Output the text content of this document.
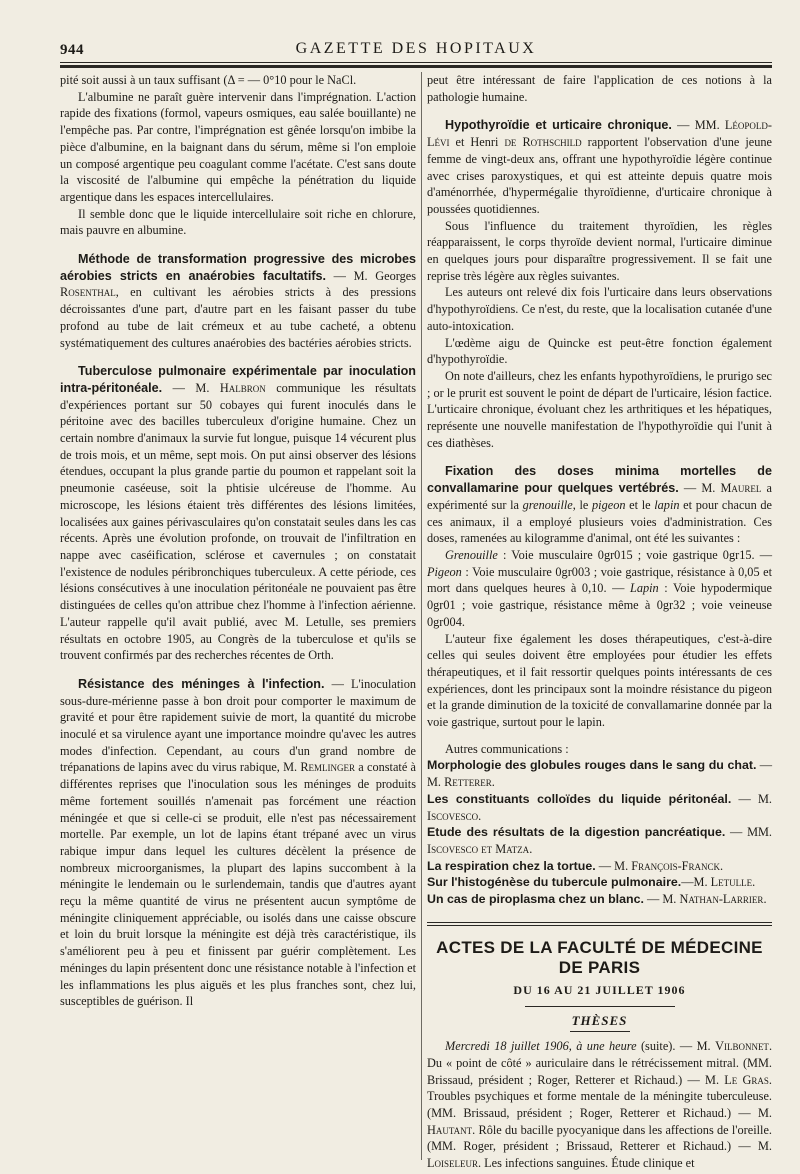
944	GAZETTE DES HOPITAUX

pité soit aussi à un taux suffisant (Δ = — 0°10 pour le NaCl.

L'albumine ne paraît guère intervenir dans l'imprégnation. L'action rapide des fixations (formol, vapeurs osmiques, eau salée bouillante) ne l'empêche pas. Par contre, l'imprégnation est gênée lorsqu'on imbibe la pièce d'albumine, en la baignant dans du sérum, même si l'on emploie un composé argentique peu coagulant comme l'acétate. C'est sans doute la viscosité de l'albumine qui empêche la pénétration du liquide argentique dans les espaces intercellulaires.

Il semble donc que le liquide intercellulaire soit riche en chlorure, mais pauvre en albumine.

Méthode de transformation progressive des microbes aérobies stricts en anaérobies facultatifs. — M. Georges Rosenthal, en cultivant les aérobies stricts à des pressions décroissantes d'une part, d'autre part en les faisant passer du tube profond au tube de lait crémeux et au tube cacheté, a obtenu systématiquement des cultures anaérobies des bactéries aérobies stricts.

Tuberculose pulmonaire expérimentale par inoculation intra-péritonéale. — M. Halbron communique les résultats d'expériences portant sur 50 cobayes qui furent inoculés dans le péritoine avec des bacilles tuberculeux d'origine humaine. Chez un certain nombre d'animaux la survie fut longue, puisque 14 vécurent plus de trois mois, et un même, sept mois. On put ainsi observer des lésions étendues, occupant la plus grande partie du poumon et rappelant soit la pneumonie caséeuse, soit la phtisie ulcéreuse de l'homme. Au microscope, les lésions étaient très différentes des lésions limitées, localisées aux gaines périvasculaires qu'on constatait seules dans les cas récents. Après une évolution profonde, on trouvait de l'infiltration en nappe avec caséification, sclérose et cavernules ; on constatait l'existence de nodules péribronchiques tuberculeux. A cette période, ces lésions consécutives à une inoculation péritonéale ne pouvaient pas être distinguées de celles qu'on attribue chez l'homme à l'infection aérienne. L'auteur rappelle qu'il avait publié, avec M. Letulle, ses premiers résultats en octobre 1905, au Congrès de la tuberculose et qu'ils se trouvent confirmés par des recherches récentes de Orth.

Résistance des méninges à l'infection. — L'inoculation sous-dure-mérienne passe à bon droit pour comporter le maximum de gravité et pour être rapidement suivie de mort, la quantité du microbe inoculé et sa virulence ayant une importance moindre qu'avec les autres modes d'infection. Cependant, au cours d'un grand nombre de trépanations de lapins avec du virus rabique, M. Remlinger a constaté à différentes reprises que l'inoculation sous les méninges de produits même fortement souillés n'amenait pas forcément une réaction méningée et que si celle-ci se produit, elle n'est pas nécessairement mortelle. Par exemple, un lot de lapins étant trépané avec un virus rabique impur dans lequel les cultures décèlent la présence de nombreux microorganismes, la plupart des lapins succombent à la méningite le lendemain ou le surlendemain, tandis que d'autres ayant reçu la même quantité de virus ne présentent aucun symptôme de méningite cliniquement appréciable, ou isolés dans une caisse obscure et loin du bruit lorsque la méningite est déjà très caractéristique, ils s'améliorent peu à peu et finissent par guérir complètement. Les méninges du lapin présentent donc une résistance notable à l'infection et les inflammations les plus aiguës et les plus franches sont, chez lui, susceptibles de guérison. Il

peut être intéressant de faire l'application de ces notions à la pathologie humaine.

Hypothyroïdie et urticaire chronique. — MM. Léopold-Lévi et Henri de Rothschild rapportent l'observation d'une jeune femme de vingt-deux ans, offrant une hypothyroïdie légère continue avec crises paroxystiques, et qui est atteinte depuis quatre mois d'aménorrhée, d'hypermégalie thyroïdienne, d'urticaire chronique à poussées quotidiennes.

Sous l'influence du traitement thyroïdien, les règles réapparaissent, le corps thyroïde devient normal, l'urticaire diminue en quelques jours pour disparaître progressivement. Il se fait une reprise très légère aux règles suivantes.

Les auteurs ont relevé dix fois l'urticaire dans leurs observations d'hypothyroïdiens. Ce n'est, du reste, que la localisation cutanée d'une auto-intoxication.

L'œdème aigu de Quincke est peut-être fonction également d'hypothyroïdie.

On note d'ailleurs, chez les enfants hypothyroïdiens, le prurigo sec ; or le prurit est souvent le point de départ de l'urticaire, lésion factice. L'urticaire chronique, évoluant chez les arthritiques et les hépatiques, représente une nouvelle manifestation de l'hypothyroïdie qui l'unit à ces diathèses.

Fixation des doses minima mortelles de convallamarine pour quelques vertébrés. — M. Maurel a expérimenté sur la grenouille, le pigeon et le lapin et pour chacun de ces animaux, il a employé plusieurs voies d'administration. Ces doses, ramenées au kilogramme d'animal, ont été les suivantes :

Grenouille : Voie musculaire 0gr015 ; voie gastrique 0gr15. — Pigeon : Voie musculaire 0gr003 ; voie gastrique, résistance à 0,05 et mort dans quelques heures à 0,10. — Lapin : Voie hypodermique 0gr01 ; voie gastrique, résistance même à 0gr32 ; voie veineuse 0gr004.

L'auteur fixe également les doses thérapeutiques, c'est-à-dire celles qui seules doivent être employées pour étudier les effets thérapeutiques, et il fait ressortir quelques points intéressants de ces expériences, dont les principaux sont la moindre résistance du pigeon et la grande diminution de la toxicité de convallamarine donnée par la voie gastrique, surtout pour le lapin.

Autres communications :

Morphologie des globules rouges dans le sang du chat. — M. Retterer.

Les constituants colloïdes du liquide péritonéal. — M. Iscovesco.

Etude des résultats de la digestion pancréatique. — MM. Iscovesco et Matza.

La respiration chez la tortue. — M. François-Franck.

Sur l'histogénèse du tubercule pulmonaire.—M. Letulle.

Un cas de piroplasma chez un blanc. — M. Nathan-Larrier.

ACTES DE LA FACULTÉ DE MÉDECINE DE PARIS
DU 16 AU 21 JUILLET 1906
THÈSES

Mercredi 18 juillet 1906, à une heure (suite). — M. Vilbonnet. Du « point de côté » auriculaire dans le rétrécissement mitral. (MM. Brissaud, président ; Roger, Retterer et Richaud.) — M. Le Gras. Troubles psychiques et forme mentale de la méningite tuberculeuse. (MM. Brissaud, président ; Roger, Retterer et Richaud.) — M. Hautant. Rôle du bacille pyocyanique dans les affections de l'oreille. (MM. Roger, président ; Brissaud, Retterer et Richaud.) — M. Loiseleur. Les infections sanguines. Étude clinique et
